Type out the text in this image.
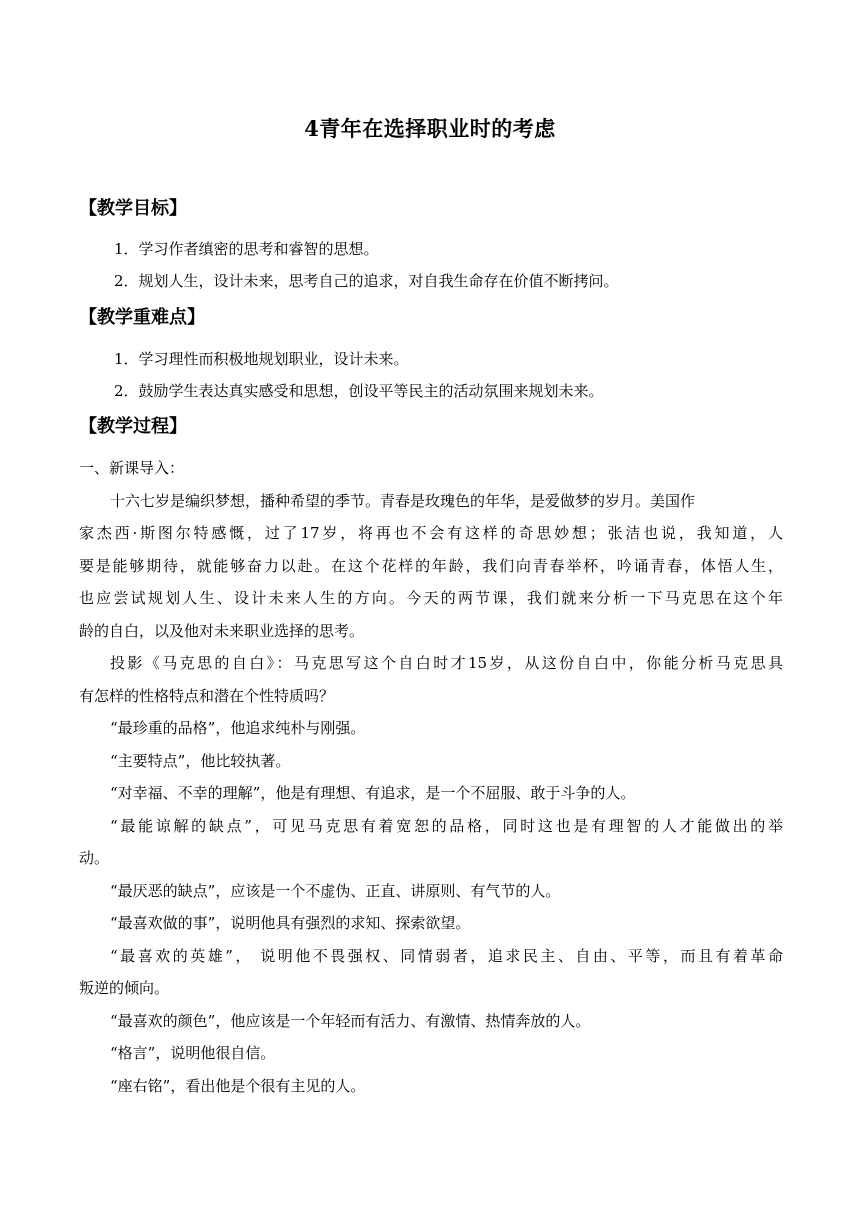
4青年在选择职业时的考虑
【教学目标】
1．学习作者缜密的思考和睿智的思想。
2．规划人生，设计未来，思考自己的追求，对自我生命存在价值不断拷问。
【教学重难点】
1．学习理性而积极地规划职业，设计未来。
2．鼓励学生表达真实感受和思想，创设平等民主的活动氛围来规划未来。
【教学过程】
一、新课导入：
十六七岁是编织梦想，播种希望的季节。青春是玫瑰色的年华，是爱做梦的岁月。美国作
家杰西·斯图尔特感慨，过了17岁，将再也不会有这样的奇思妙想；张洁也说，我知道，人
要是能够期待，就能够奋力以赴。在这个花样的年龄，我们向青春举杯，吟诵青春，体悟人生，
也应尝试规划人生、设计未来人生的方向。今天的两节课，我们就来分析一下马克思在这个年
龄的自白，以及他对未来职业选择的思考。
投影《马克思的自白》：马克思写这个自白时才15岁，从这份自白中，你能分析马克思具
有怎样的性格特点和潜在个性特质吗？
“最珍重的品格”，他追求纯朴与刚强。
“主要特点”，他比较执著。
“对幸福、不幸的理解”，他是有理想、有追求，是一个不屈服、敢于斗争的人。
“最能谅解的缺点”，可见马克思有着宽恕的品格，同时这也是有理智的人才能做出的举
动。
“最厌恶的缺点”，应该是一个不虚伪、正直、讲原则、有气节的人。
“最喜欢做的事”，说明他具有强烈的求知、探索欲望。
“最喜欢的英雄”， 说明他不畏强权、同情弱者，追求民主、自由、平等，而且有着革命
叛逆的倾向。
“最喜欢的颜色”，他应该是一个年轻而有活力、有激情、热情奔放的人。
“格言”，说明他很自信。
“座右铭”，看出他是个很有主见的人。
